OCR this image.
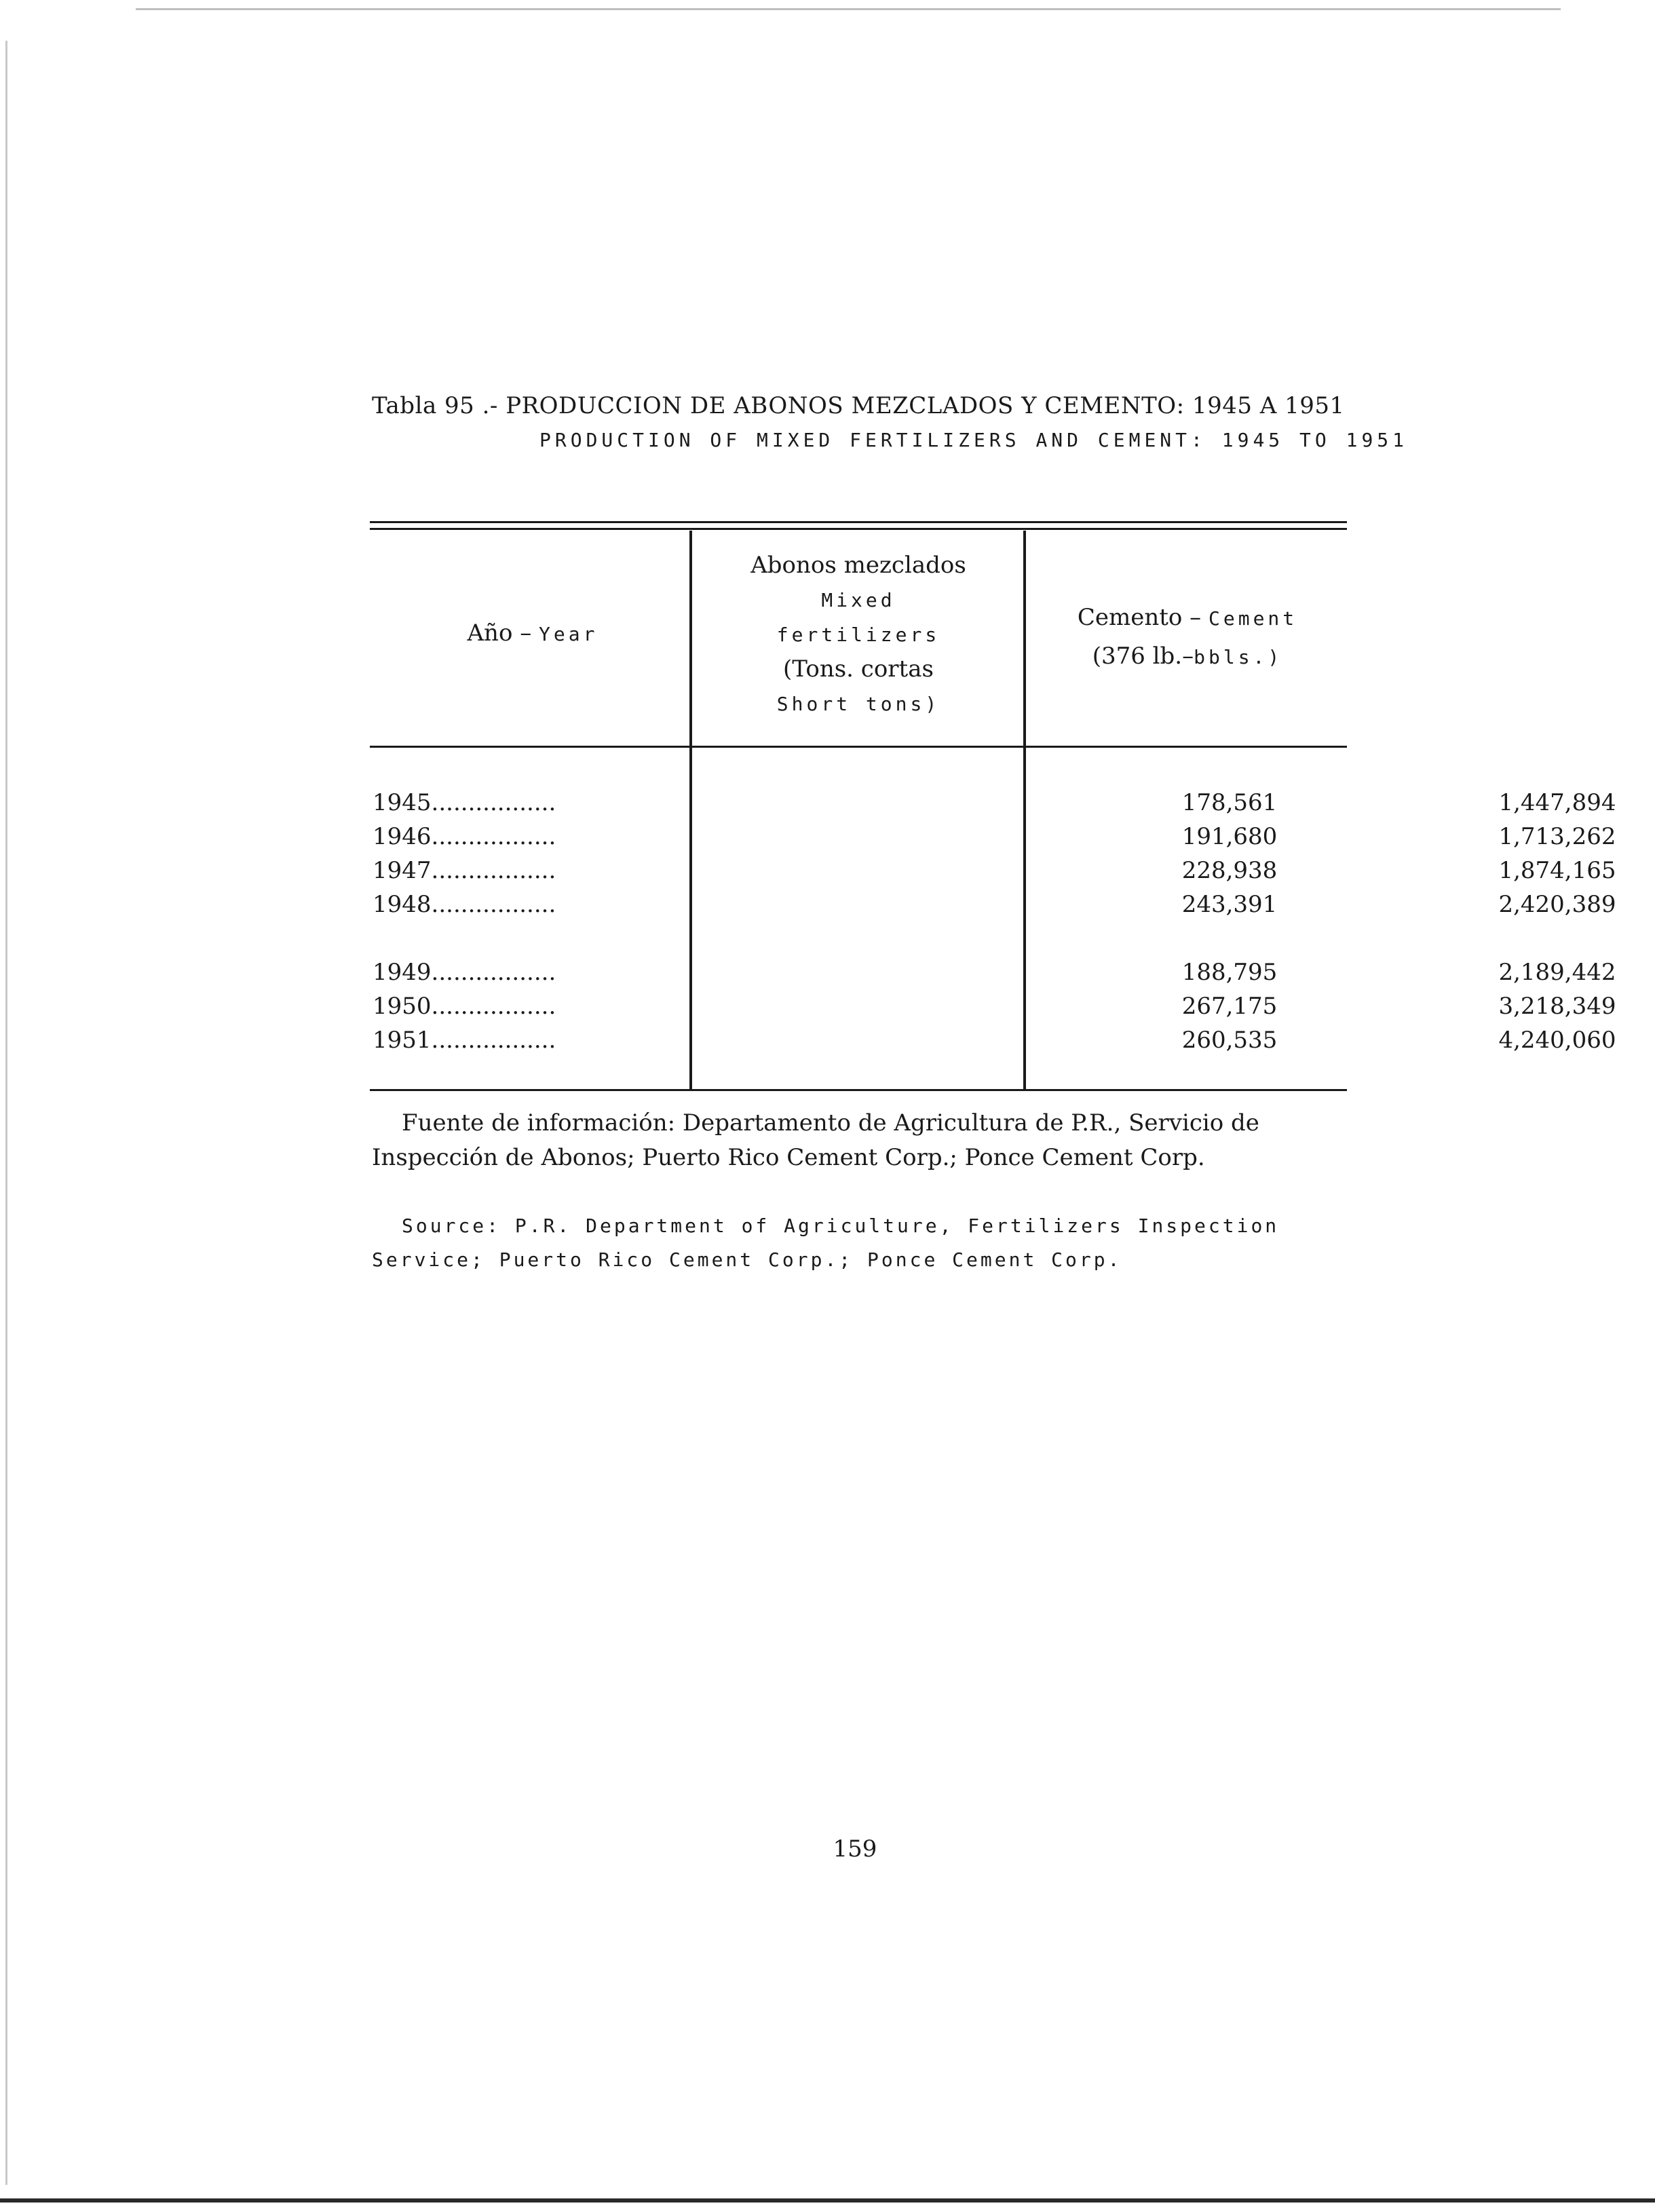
Tabla 95 .- PRODUCCION DE ABONOS MEZCLADOS Y CEMENTO: 1945 A 1951
PRODUCTION OF MIXED FERTILIZERS AND CEMENT: 1945 TO 1951
Año – Year
Abonos mezclados
Mixed
fertilizers
(Tons. cortas
Short tons)
Cemento – Cement
(376 lb.–bbls.)
1945.................	178,561	1,447,894
1946.................	191,680	1,713,262
1947.................	228,938	1,874,165
1948.................	243,391	2,420,389
1949.................	188,795	2,189,442
1950.................	267,175	3,218,349
1951.................	260,535	4,240,060
Fuente de información: Departamento de Agricultura de P.R., Servicio de Inspección de Abonos; Puerto Rico Cement Corp.; Ponce Cement Corp.
Source: P.R. Department of Agriculture, Fertilizers Inspection Service; Puerto Rico Cement Corp.; Ponce Cement Corp.
159
